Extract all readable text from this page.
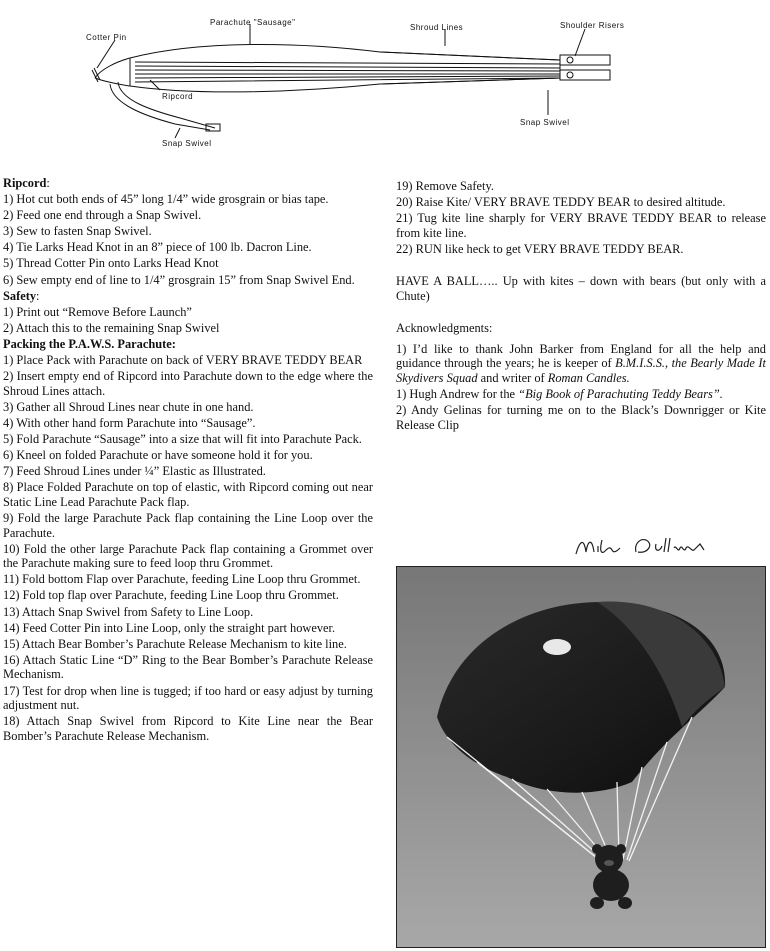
Parachute "Sausage"
Shroud Lines	Shoulder Risers
Cotter Pin
Ripcord
Snap Swivel
Snap Swivel

Ripcord:

1) Hot cut both ends of 45” long 1/4” wide grosgrain or bias tape.

2) Feed one end through a Snap Swivel.

3) Sew to fasten Snap Swivel.

4) Tie Larks Head Knot in an 8” piece of 100 lb. Dacron Line.

5) Thread Cotter Pin onto Larks Head Knot

6) Sew empty end of line to 1/4” grosgrain 15” from Snap Swivel End.

Safety:

1) Print out “Remove Before Launch”

2) Attach this to the remaining Snap Swivel

Packing the P.A.W.S. Parachute:

1) Place Pack with Parachute on back of VERY BRAVE TEDDY BEAR

2) Insert empty end of Ripcord into Parachute down to the edge where the Shroud Lines attach.

3) Gather all Shroud Lines near chute in one hand.

4) With other hand form Parachute into “Sausage”.

5) Fold Parachute “Sausage” into a size that will fit into Parachute Pack.

6) Kneel on folded Parachute or have someone hold it for you.

7) Feed Shroud Lines under ¼” Elastic as Illustrated.

8) Place Folded Parachute on top of elastic, with Ripcord coming out near Static Line Lead Parachute Pack flap.

9) Fold the large Parachute Pack flap containing the Line Loop over the Parachute.

10) Fold the other large Parachute Pack flap containing a Grommet over the Parachute making sure to feed loop thru Grommet.

11) Fold bottom Flap over Parachute, feeding Line Loop thru Grommet.

12) Fold top flap over Parachute, feeding Line Loop thru Grommet.

13) Attach Snap Swivel from Safety to Line Loop.

14) Feed Cotter Pin into Line Loop, only the straight part however.

15) Attach Bear Bomber’s Parachute Release Mechanism to kite line.

16) Attach Static Line “D” Ring to the Bear Bomber’s Parachute Release Mechanism.

17) Test for drop when line is tugged; if too hard or easy adjust by turning adjustment nut.

18) Attach Snap Swivel from Ripcord to Kite Line near the Bear Bomber’s Parachute Release Mechanism.

19) Remove Safety.

20) Raise Kite/ VERY BRAVE TEDDY BEAR to desired altitude.

21) Tug kite line sharply for VERY BRAVE TEDDY BEAR to release from kite line.

22) RUN like heck to get VERY BRAVE TEDDY BEAR.

HAVE A BALL….. Up with kites – down with bears (but only with a Chute)

Acknowledgments:

1) I’d like to thank John Barker from England for all the help and guidance through the years; he is keeper of B.M.I.S.S., the Bearly Made It Skydivers Squad and writer of Roman Candles.

1) Hugh Andrew for the “Big Book of Parachuting Teddy Bears”.

2) Andy Gelinas for turning me on to the Black’s Downrigger or Kite Release Clip
